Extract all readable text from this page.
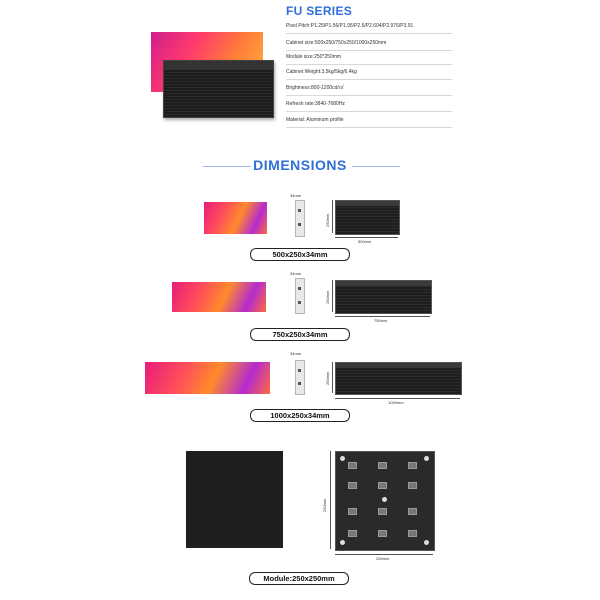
FU SERIES
Pixel Pitch:P1.25/P1.56/P1.95/P2.5/P2.604/P2.976/P3.91
Cabinet size:500x250/750x250/1000x250mm
Module size:250*250mm
Cabinet Weight:3.5kg/5kg/6.4kg
Brightness:800-1200cd/㎡
Refresh rate:3840-7680Hz
Material: Aluminum profile
DIMENSIONS
34mm
250mm
500mm
500x250x34mm
34mm
250mm
750mm
750x250x34mm
34mm
250mm
1000mm
1000x250x34mm
250mm
250mm
Module:250x250mm
